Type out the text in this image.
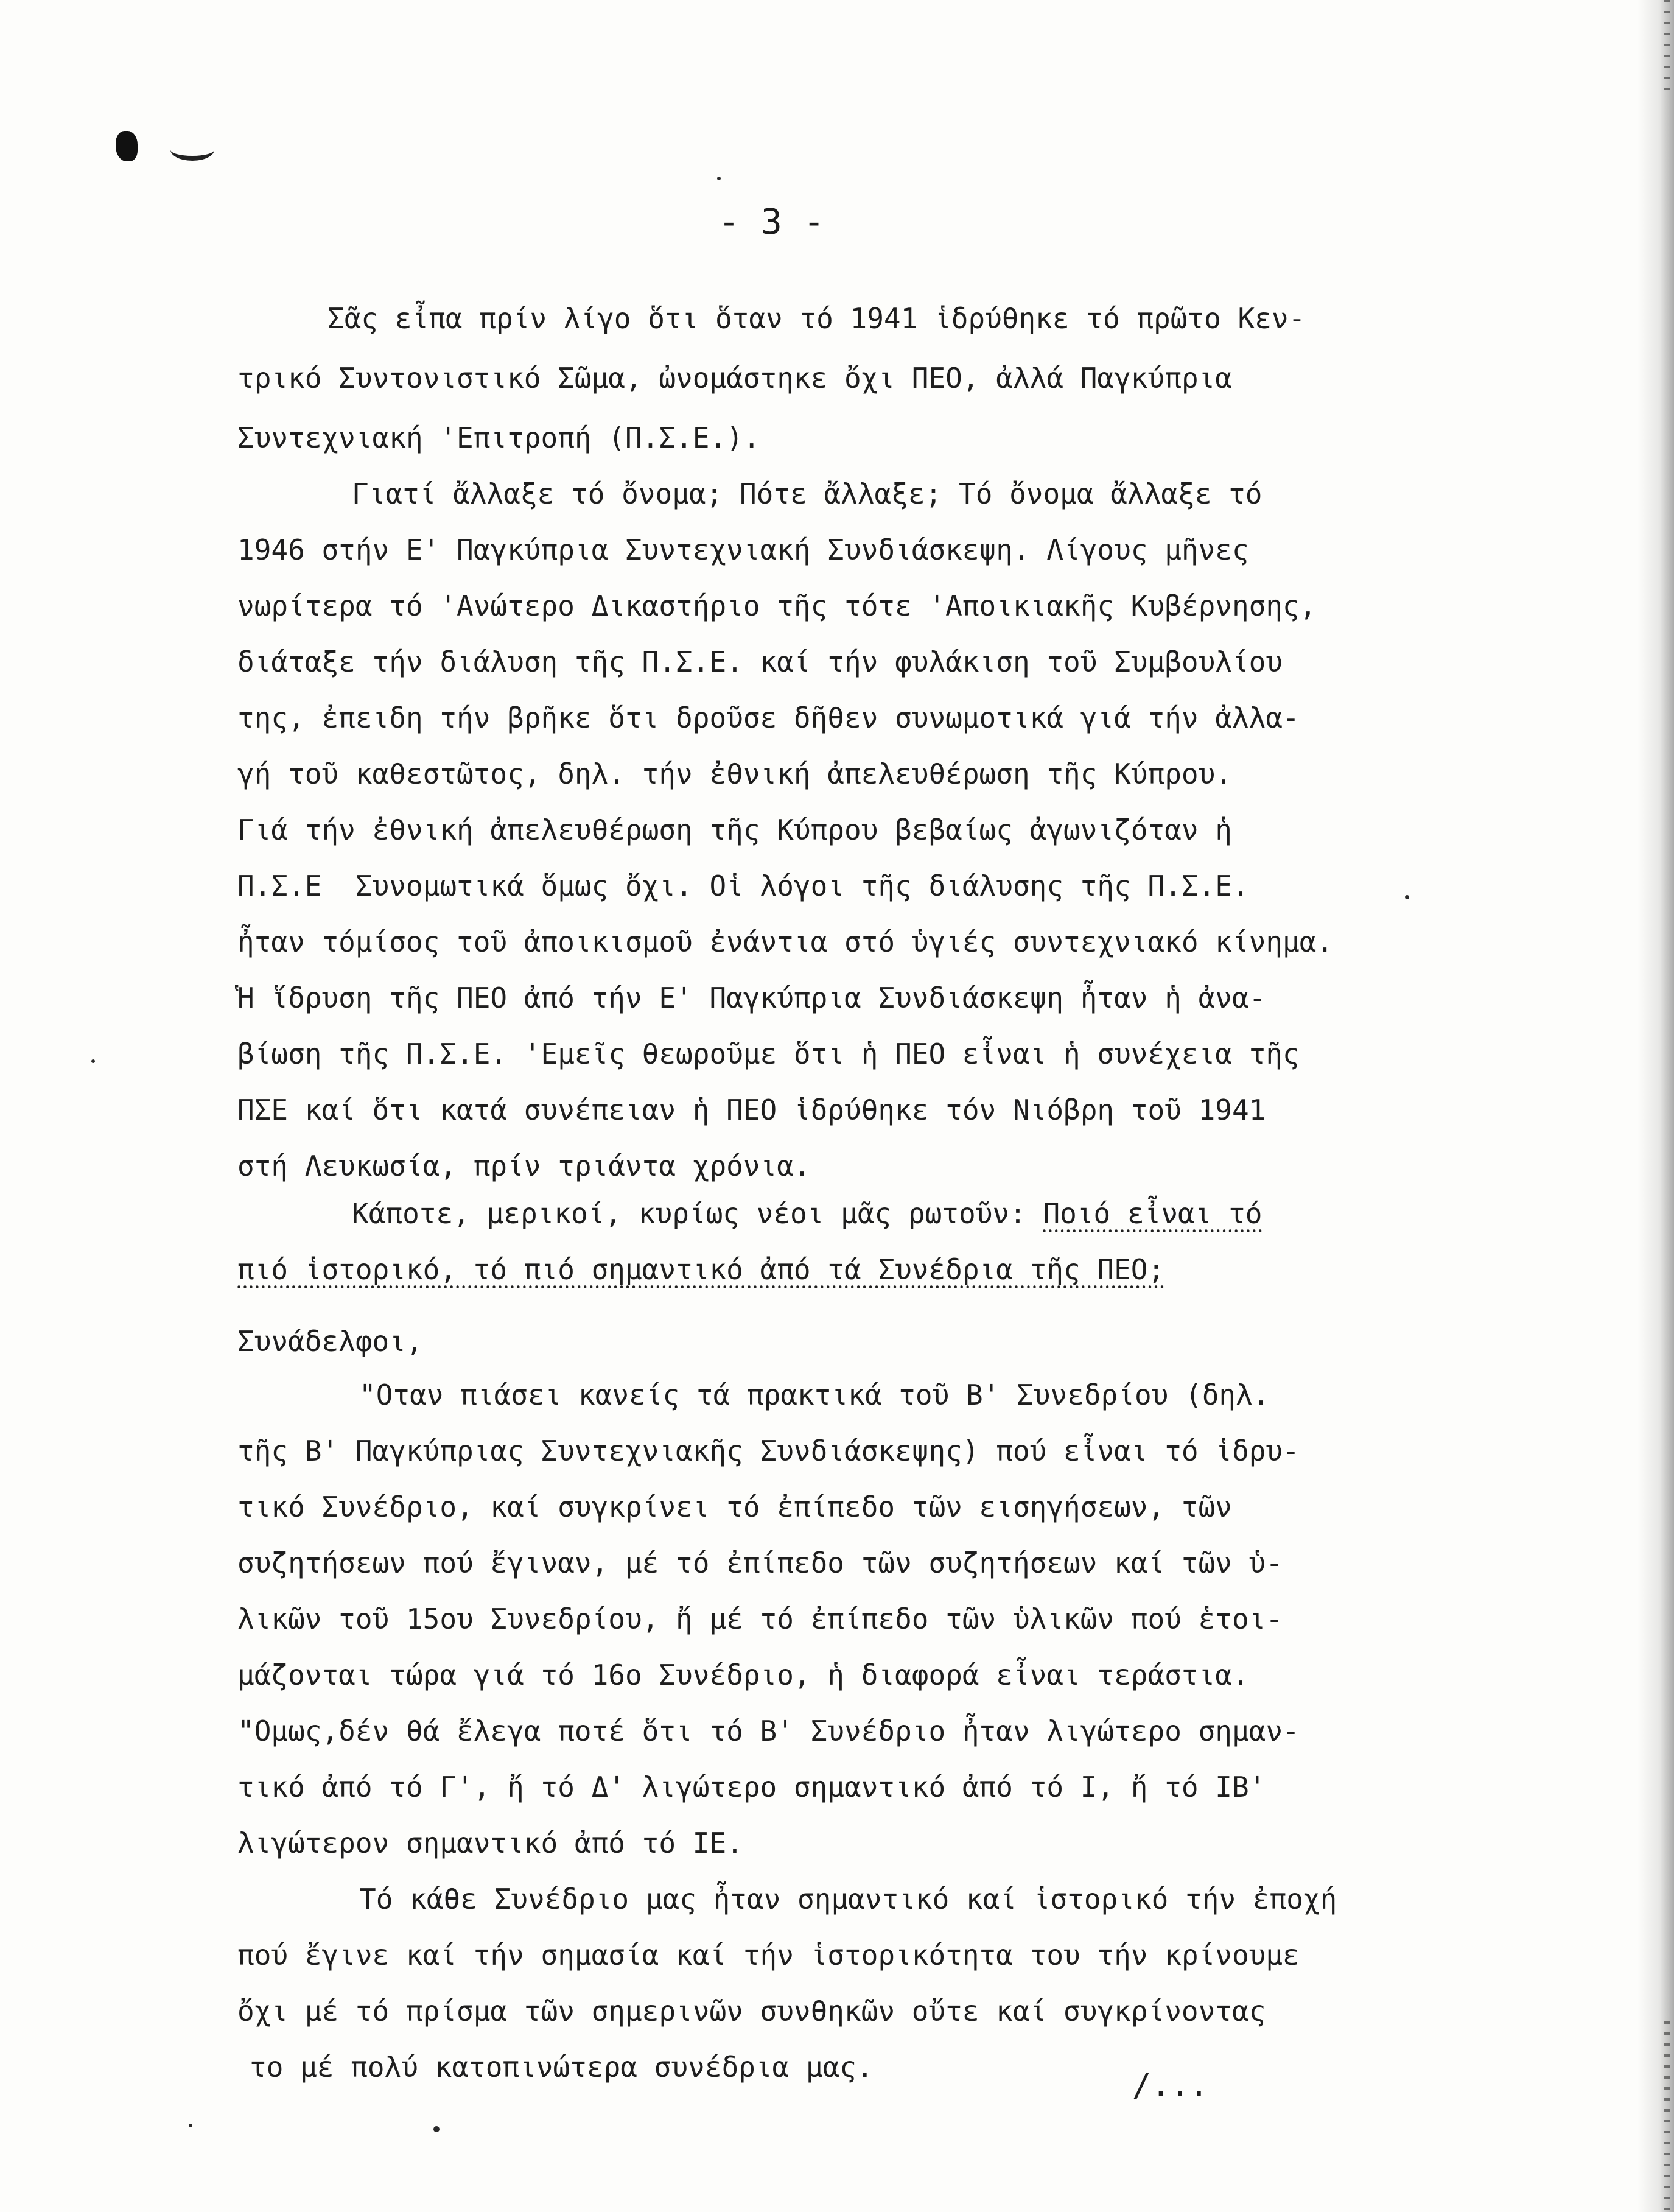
- 3 -
Σᾶς εἶπα πρίν λίγο ὅτι ὅταν τό 1941 ἱδρύθηκε τό πρῶτο Κεν-
τρικό Συντονιστικό Σῶμα, ὠνομάστηκε ὄχι ΠΕΟ, ἀλλά Παγκύπρια
Συντεχνιακή 'Επιτροπή (Π.Σ.Ε.).
Γιατί ἄλλαξε τό ὄνομα; Πότε ἄλλαξε; Τό ὄνομα ἄλλαξε τό
1946 στήν Ε' Παγκύπρια Συντεχνιακή Συνδιάσκεψη. Λίγους μῆνες
νωρίτερα τό 'Ανώτερο Δικαστήριο τῆς τότε 'Αποικιακῆς Κυβέρνησης,
διάταξε τήν διάλυση τῆς Π.Σ.Ε. καί τήν φυλάκιση τοῦ Συμβουλίου
της, ἐπειδη τήν βρῆκε ὅτι δροῦσε δῆθεν συνωμοτικά γιά τήν ἀλλα-
γή τοῦ καθεστῶτος, δηλ. τήν ἐθνική ἀπελευθέρωση τῆς Κύπρου.
Γιά τήν ἐθνική ἀπελευθέρωση τῆς Κύπρου βεβαίως ἀγωνιζόταν ἡ
Π.Σ.Ε  Συνομωτικά ὅμως ὄχι. Οἱ λόγοι τῆς διάλυσης τῆς Π.Σ.Ε.
ἦταν τόμίσος τοῦ ἀποικισμοῦ ἐνάντια στό ὑγιές συντεχνιακό κίνημα.
Ἡ ἵδρυση τῆς ΠΕΟ ἀπό τήν Ε' Παγκύπρια Συνδιάσκεψη ἦταν ἡ ἀνα-
βίωση τῆς Π.Σ.Ε. 'Εμεῖς θεωροῦμε ὅτι ἡ ΠΕΟ εἶναι ἡ συνέχεια τῆς
ΠΣΕ καί ὅτι κατά συνέπειαν ἡ ΠΕΟ ἱδρύθηκε τόν Νιόβρη τοῦ 1941
στή Λευκωσία, πρίν τριάντα χρόνια.
Κάποτε, μερικοί, κυρίως νέοι μᾶς ρωτοῦν: Ποιό εἶναι τό
πιό ἱστορικό, τό πιό σημαντικό ἀπό τά Συνέδρια τῆς ΠΕΟ;
Συνάδελφοι,
"Οταν πιάσει κανείς τά πρακτικά τοῦ Β' Συνεδρίου (δηλ.
τῆς Β' Παγκύπριας Συντεχνιακῆς Συνδιάσκεψης) πού εἶναι τό ἱδρυ-
τικό Συνέδριο, καί συγκρίνει τό ἐπίπεδο τῶν εισηγήσεων, τῶν
συζητήσεων πού ἔγιναν, μέ τό ἐπίπεδο τῶν συζητήσεων καί τῶν ὑ-
λικῶν τοῦ 15ου Συνεδρίου, ἤ μέ τό ἐπίπεδο τῶν ὑλικῶν πού ἑτοι-
μάζονται τώρα γιά τό 16ο Συνέδριο, ἡ διαφορά εἶναι τεράστια.
"Ομως,δέν θά ἔλεγα ποτέ ὅτι τό Β' Συνέδριο ἦταν λιγώτερο σημαν-
τικό ἀπό τό Γ', ἤ τό Δ' λιγώτερο σημαντικό ἀπό τό Ι, ἤ τό ΙΒ'
λιγώτερον σημαντικό ἀπό τό ΙΕ.
Τό κάθε Συνέδριο μας ἦταν σημαντικό καί ἱστορικό τήν ἐποχή
πού ἔγινε καί τήν σημασία καί τήν ἱστορικότητα του τήν κρίνουμε
ὄχι μέ τό πρίσμα τῶν σημερινῶν συνθηκῶν οὔτε καί συγκρίνοντας
το μέ πολύ κατοπινώτερα συνέδρια μας.	/...
